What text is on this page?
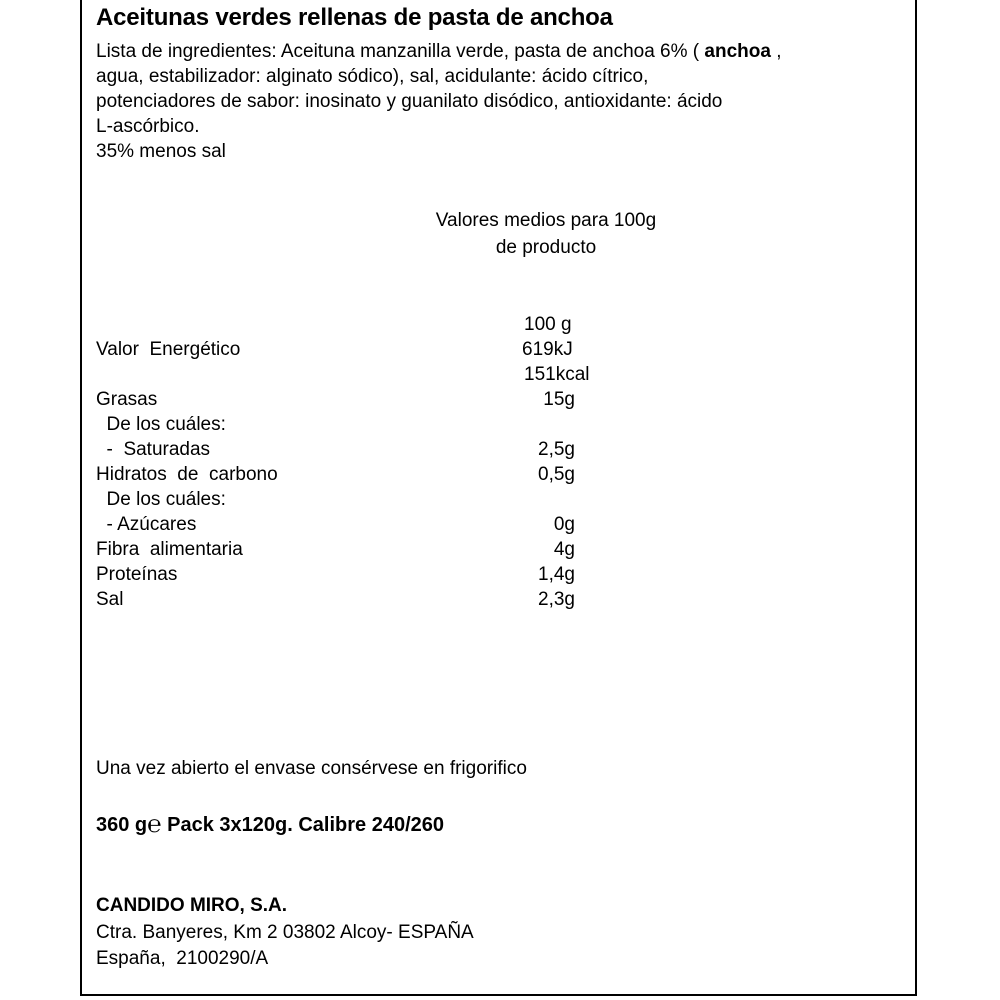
Aceitunas verdes rellenas de pasta de anchoa
Lista de ingredientes: Aceituna manzanilla verde, pasta de anchoa 6% ( anchoa ,
agua, estabilizador: alginato sódico), sal, acidulante: ácido cítrico,
potenciadores de sabor: inosinato y guanilato disódico, antioxidante: ácido
L-ascórbico.
35% menos sal
Valores medios para 100g
de producto
100 g
Valor  Energético	619kJ
151kcal
Grasas	15g
De los cuáles:
-  Saturadas	2,5g
Hidratos  de  carbono	0,5g
De los cuáles:
- Azúcares	0g
Fibra  alimentaria	4g
Proteínas	1,4g
Sal	2,3g
Una vez abierto el envase consérvese en frigorifico
360 g℮ Pack 3x120g. Calibre 240/260
CANDIDO MIRO, S.A.
Ctra. Banyeres, Km 2 03802 Alcoy- ESPAÑA
España,  2100290/A
